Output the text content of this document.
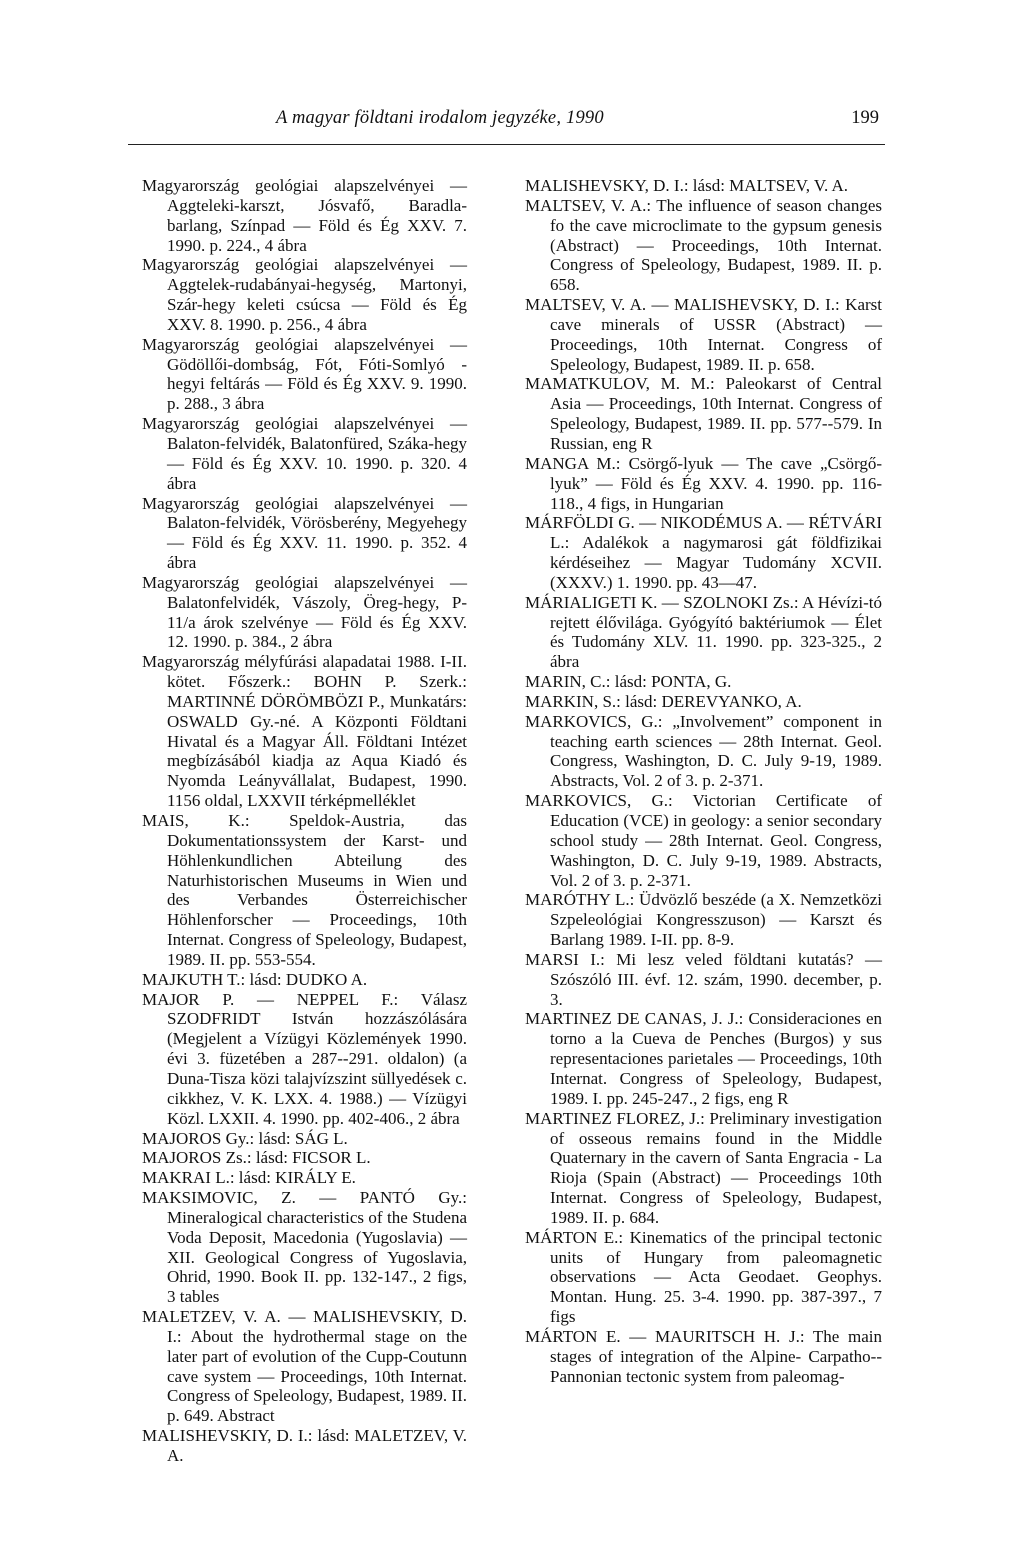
A magyar földtani irodalom jegyzéke, 1990	199

Magyarország geológiai alapszelvényei — Aggteleki-karszt, Jósvafő, Baradla- barlang, Színpad — Föld és Ég XXV. 7. 1990. p. 224., 4 ábra

Magyarország geológiai alapszelvényei — Aggtelek-rudabányai-hegység, Martonyi, Szár-hegy keleti csúcsa — Föld és Ég XXV. 8. 1990. p. 256., 4 ábra

Magyarország geológiai alapszelvényei — Gödöllői-dombság, Fót, Fóti-Somlyó - hegyi feltárás — Föld és Ég XXV. 9. 1990. p. 288., 3 ábra

Magyarország geológiai alapszelvényei — Balaton-felvidék, Balatonfüred, Száka-hegy — Föld és Ég XXV. 10. 1990. p. 320. 4 ábra

Magyarország geológiai alapszelvényei — Balaton-felvidék, Vörösberény, Megyehegy — Föld és Ég XXV. 11. 1990. p. 352. 4 ábra

Magyarország geológiai alapszelvényei — Balatonfelvidék, Vászoly, Öreg-hegy, P-11/a árok szelvénye — Föld és Ég XXV. 12. 1990. p. 384., 2 ábra

Magyarország mélyfúrási alapadatai 1988. I-II. kötet. Főszerk.: BOHN P. Szerk.: MARTINNÉ DÖRÖMBÖZI P., Munkatárs: OSWALD Gy.-né. A Központi Földtani Hivatal és a Magyar Áll. Földtani Intézet megbízásából kiadja az Aqua Kiadó és Nyomda Leányvállalat, Budapest, 1990. 1156 oldal, LXXVII térképmelléklet

MAIS, K.: Speldok-Austria, das Dokumentationssystem der Karst- und Höhlenkundlichen Abteilung des Naturhistorischen Museums in Wien und des Verbandes Österreichischer Höhlenforscher — Proceedings, 10th Internat. Congress of Speleology, Budapest, 1989. II. pp. 553-554.

MAJKUTH T.: lásd: DUDKO A.

MAJOR P. — NEPPEL F.: Válasz SZODFRIDT István hozzászólására (Megjelent a Vízügyi Közlemények 1990. évi 3. füzetében a 287--291. oldalon) (a Duna-Tisza közi talajvízszint süllyedések c. cikkhez, V. K. LXX. 4. 1988.) — Vízügyi Közl. LXXII. 4. 1990. pp. 402-406., 2 ábra

MAJOROS Gy.: lásd: SÁG L.

MAJOROS Zs.: lásd: FICSOR L.

MAKRAI L.: lásd: KIRÁLY E.

MAKSIMOVIC, Z. — PANTÓ Gy.: Mineralogical characteristics of the Studena Voda Deposit, Macedonia (Yugoslavia) — XII. Geological Congress of Yugoslavia, Ohrid, 1990. Book II. pp. 132-147., 2 figs, 3 tables

MALETZEV, V. A. — MALISHEVSKIY, D. I.: About the hydrothermal stage on the later part of evolution of the Cupp-Coutunn cave system — Proceedings, 10th Internat. Congress of Speleology, Budapest, 1989. II. p. 649. Abstract

MALISHEVSKIY, D. I.: lásd: MALETZEV, V. A.

MALISHEVSKY, D. I.: lásd: MALTSEV, V. A.

MALTSEV, V. A.: The influence of season changes fo the cave microclimate to the gypsum genesis (Abstract) — Proceedings, 10th Internat. Congress of Speleology, Budapest, 1989. II. p. 658.

MALTSEV, V. A. — MALISHEVSKY, D. I.: Karst cave minerals of USSR (Abstract) — Proceedings, 10th Internat. Congress of Speleology, Budapest, 1989. II. p. 658.

MAMATKULOV, M. M.: Paleokarst of Central Asia — Proceedings, 10th Internat. Congress of Speleology, Budapest, 1989. II. pp. 577--579. In Russian, eng R

MANGA M.: Csörgő-lyuk — The cave „Csörgő-lyuk” — Föld és Ég XXV. 4. 1990. pp. 116-118., 4 figs, in Hungarian

MÁRFÖLDI G. — NIKODÉMUS A. — RÉTVÁRI L.: Adalékok a nagymarosi gát földfizikai kérdéseihez — Magyar Tudomány XCVII. (XXXV.) 1. 1990. pp. 43—47.

MÁRIALIGETI K. — SZOLNOKI Zs.: A Hévízi-tó rejtett élővilága. Gyógyító baktériumok — Élet és Tudomány XLV. 11. 1990. pp. 323-325., 2 ábra

MARIN, C.: lásd: PONTA, G.

MARKIN, S.: lásd: DEREVYANKO, A.

MARKOVICS, G.: „Involvement” component in teaching earth sciences — 28th Internat. Geol. Congress, Washington, D. C. July 9-19, 1989. Abstracts, Vol. 2 of 3. p. 2-371.

MARKOVICS, G.: Victorian Certificate of Education (VCE) in geology: a senior secondary school study — 28th Internat. Geol. Congress, Washington, D. C. July 9-19, 1989. Abstracts, Vol. 2 of 3. p. 2-371.

MARÓTHY L.: Üdvözlő beszéde (a X. Nemzetközi Szpeleológiai Kongresszuson) — Karszt és Barlang 1989. I-II. pp. 8-9.

MARSI I.: Mi lesz veled földtani kutatás? — Szószóló III. évf. 12. szám, 1990. december, p. 3.

MARTINEZ DE CANAS, J. J.: Consideraciones en torno a la Cueva de Penches (Burgos) y sus representaciones parietales — Proceedings, 10th Internat. Congress of Speleology, Budapest, 1989. I. pp. 245-247., 2 figs, eng R

MARTINEZ FLOREZ, J.: Preliminary investigation of osseous remains found in the Middle Quaternary in the cavern of Santa Engracia - La Rioja (Spain (Abstract) — Proceedings 10th Internat. Congress of Speleology, Budapest, 1989. II. p. 684.

MÁRTON E.: Kinematics of the principal tectonic units of Hungary from paleomagnetic observations — Acta Geodaet. Geophys. Montan. Hung. 25. 3-4. 1990. pp. 387-397., 7 figs

MÁRTON E. — MAURITSCH H. J.: The main stages of integration of the Alpine- Carpatho--Pannonian tectonic system from paleomag-
